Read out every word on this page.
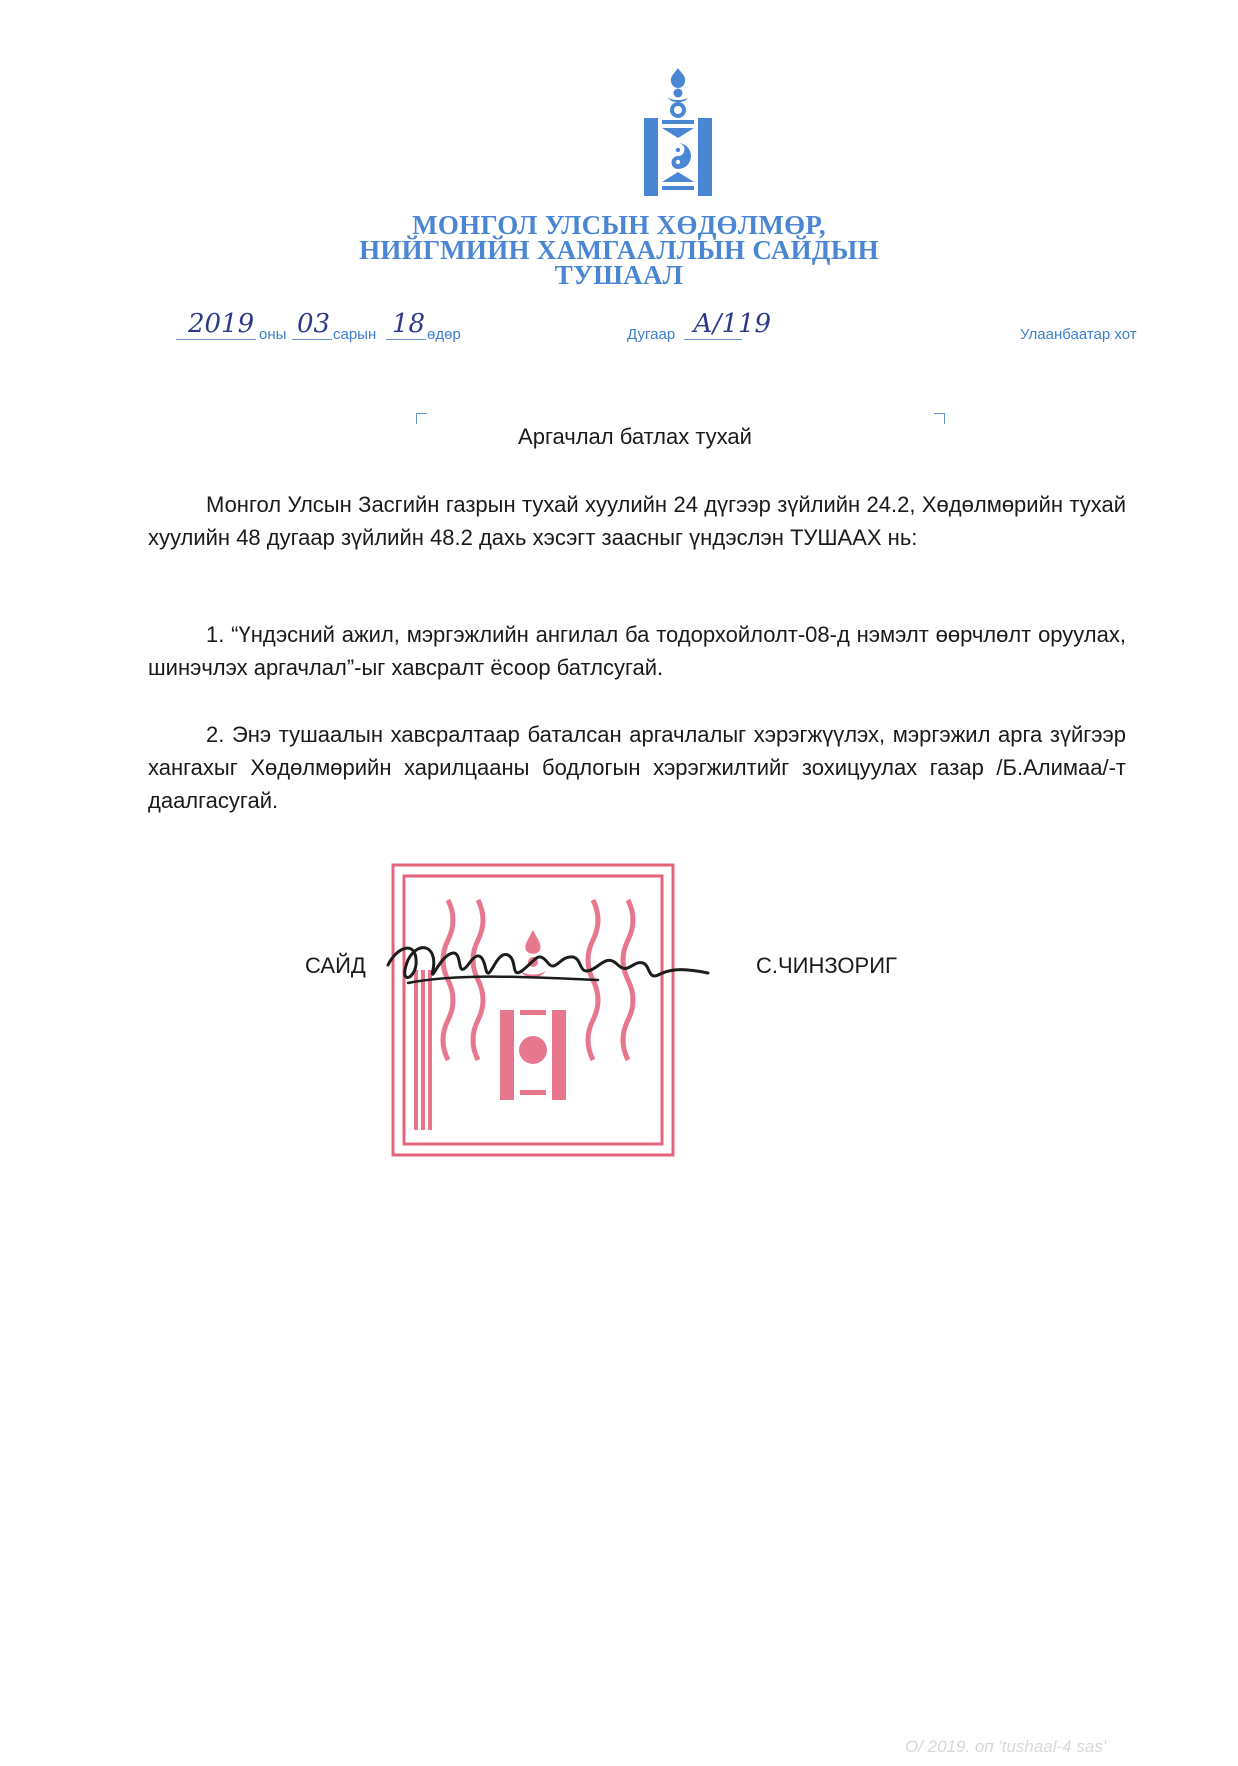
МОНГОЛ УЛСЫН ХӨДӨЛМӨР,
НИЙГМИЙН ХАМГААЛЛЫН САЙДЫН
ТУШААЛ
2019 оны 03 сарын 18 өдөр	Дугаар А/119	Улаанбаатар хот
Аргачлал батлах тухай
Монгол Улсын Засгийн газрын тухай хуулийн 24 дүгээр зүйлийн 24.2, Хөдөлмөрийн тухай хуулийн 48 дугаар зүйлийн 48.2 дахь хэсэгт заасныг үндэслэн ТУШААХ нь:
1. “Үндэсний ажил, мэргэжлийн ангилал ба тодорхойлолт-08-д нэмэлт өөрчлөлт оруулах, шинэчлэх аргачлал”-ыг хавсралт ёсоор батлсугай.
2. Энэ тушаалын хавсралтаар баталсан аргачлалыг хэрэгжүүлэх, мэргэжил арга зүйгээр хангахыг Хөдөлмөрийн харилцааны бодлогын хэрэгжилтийг зохицуулах газар /Б.Алимаа/-т даалгасугай.
САЙД	С.ЧИНЗОРИГ
О/ 2019. оп 'tushaal-4 sas'
